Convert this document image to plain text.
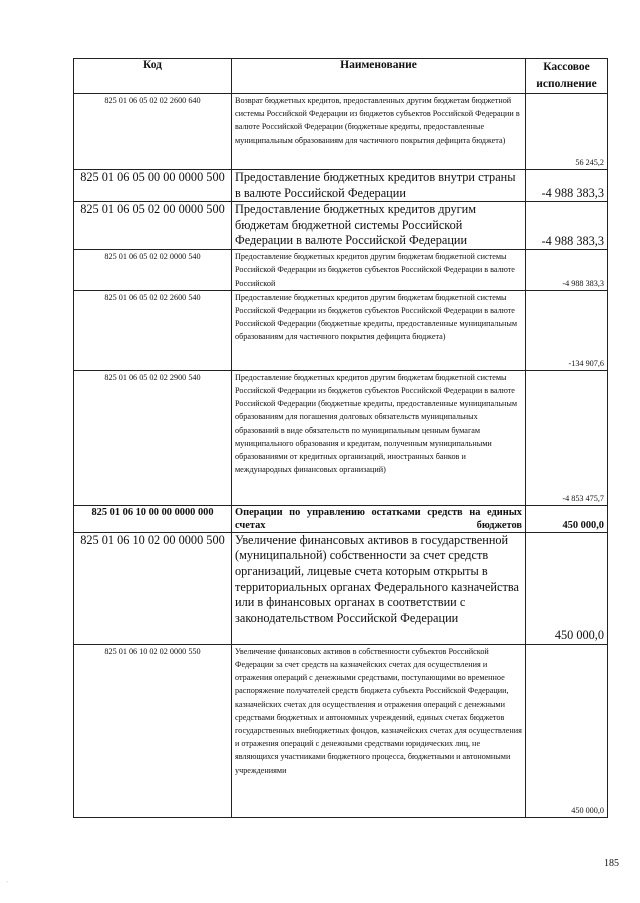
Код	Наименование	Кассовое
исполнение
825 01 06 05 02 02 2600 640	Возврат бюджетных кредитов, предоставленных другим бюджетам бюджетной системы Российской Федерации из бюджетов субъектов Российской Федерации в валюте Российской Федерации (бюджетные кредиты, предоставленные муниципальным образованиям для частичного покрытия дефицита бюджета)	56 245,2
825 01 06 05 00 00 0000 500	Предоставление бюджетных кредитов внутри страны в валюте Российской Федерации	-4 988 383,3
825 01 06 05 02 00 0000 500	Предоставление бюджетных кредитов другим бюджетам бюджетной системы Российской Федерации в валюте Российской Федерации	-4 988 383,3
825 01 06 05 02 02 0000 540	Предоставление бюджетных кредитов другим бюджетам бюджетной системы Российской Федерации из бюджетов субъектов Российской Федерации в валюте Российской	-4 988 383,3
825 01 06 05 02 02 2600 540	Предоставление бюджетных кредитов другим бюджетам бюджетной системы Российской Федерации из бюджетов субъектов Российской Федерации в валюте Российской Федерации (бюджетные кредиты, предоставленные муниципальным образованиям для частичного покрытия дефицита бюджета)	-134 907,6
825 01 06 05 02 02 2900 540	Предоставление бюджетных кредитов другим бюджетам бюджетной системы Российской Федерации из бюджетов субъектов Российской Федерации в валюте Российской Федерации (бюджетные кредиты, предоставленные муниципальным образованиям для погашения долговых обязательств муниципальных образований в виде обязательств по муниципальным ценным бумагам муниципального образования и кредитам, полученным муниципальными образованиями от кредитных организаций, иностранных банков и международных финансовых организаций)	-4 853 475,7
825 01 06 10 00 00 0000 000	Операции по управлению остатками средств на единых счетах бюджетов	450 000,0
825 01 06 10 02 00 0000 500	Увеличение финансовых активов в государственной (муниципальной) собственности за счет средств организаций, лицевые счета которым открыты в территориальных органах Федерального казначейства или в финансовых органах в соответствии с законодательством Российской Федерации	450 000,0
825 01 06 10 02 02 0000 550	Увеличение финансовых активов в собственности субъектов Российской Федерации за счет средств на казначейских счетах для осуществления и отражения операций с денежными средствами, поступающими во временное распоряжение получателей средств бюджета субъекта Российской Федерации, казначейских счетах для осуществления и отражения операций с денежными средствами бюджетных и автономных учреждений, единых счетах бюджетов государственных внебюджетных фондов, казначейских счетах для осуществления и отражения операций с денежными средствами юридических лиц, не являющихся участниками бюджетного процесса, бюджетными и автономными учреждениями	450 000,0
185
ˋ
